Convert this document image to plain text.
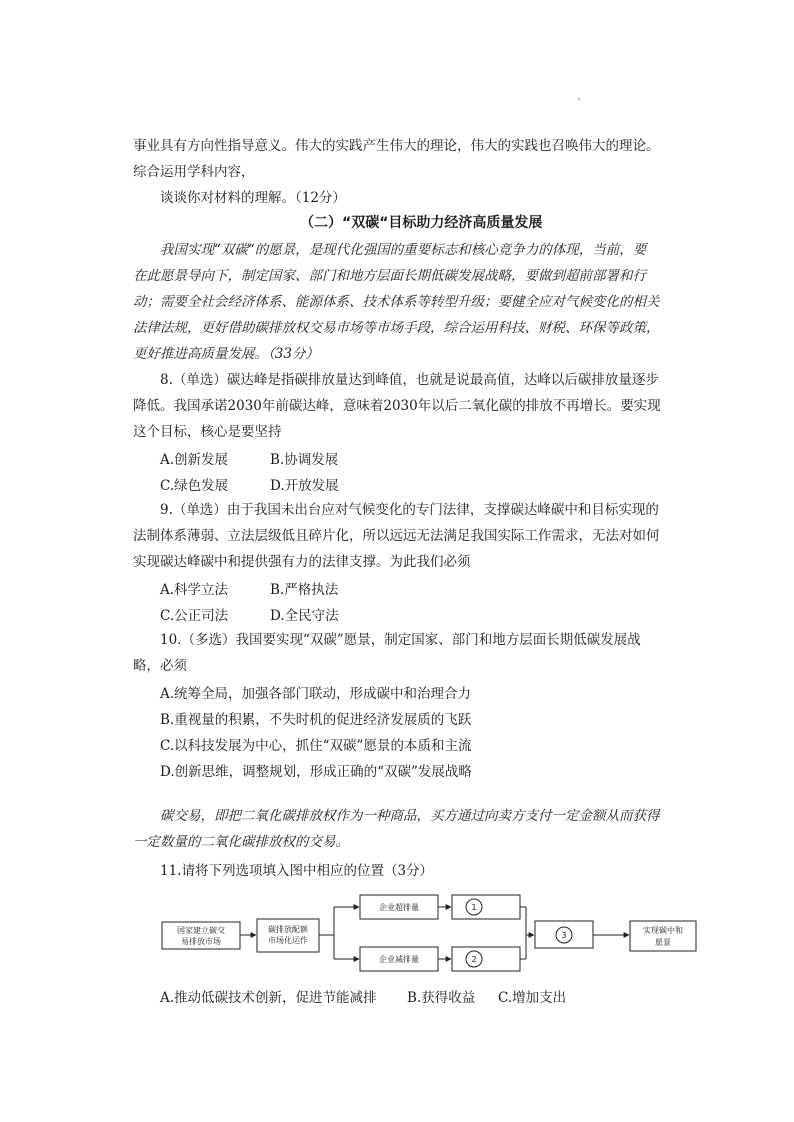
事业具有方向性指导意义。伟大的实践产生伟大的理论，伟大的实践也召唤伟大的理论。
综合运用学科内容，
谈谈你对材料的理解。（12分）
（二）“双碳“目标助力经济高质量发展
我国实现“双碳“的愿景，是现代化强国的重要标志和核心竞争力的体现，当前，要
在此愿景导向下，制定国家、部门和地方层面长期低碳发展战略，要做到超前部署和行
动；需要全社会经济体系、能源体系、技术体系等转型升级；要健全应对气候变化的相关
法律法规，更好借助碳排放权交易市场等市场手段，综合运用科技、财税、环保等政策，
更好推进高质量发展。（33分）
8.（单选）碳达峰是指碳排放量达到峰值，也就是说最高值，达峰以后碳排放量逐步
降低。我国承诺2030年前碳达峰，意味着2030年以后二氧化碳的排放不再增长。要实现
这个目标，核心是要坚持
A.创新发展	B.协调发展
C.绿色发展	D.开放发展
9.（单选）由于我国未出台应对气候变化的专门法律，支撑碳达峰碳中和目标实现的
法制体系薄弱、立法层级低且碎片化，所以远远无法满足我国实际工作需求，无法对如何
实现碳达峰碳中和提供强有力的法律支撑。为此我们必须
A.科学立法	B.严格执法
C.公正司法	D.全民守法
10.（多选）我国要实现“双碳”愿景，制定国家、部门和地方层面长期低碳发展战
略，必须
A.统筹全局，加强各部门联动，形成碳中和治理合力
B.重视量的积累，不失时机的促进经济发展质的飞跃
C.以科技发展为中心，抓住“双碳”愿景的本质和主流
D.创新思维，调整规划，形成正确的“双碳”发展战略
碳交易，即把二氧化碳排放权作为一种商品，买方通过向卖方支付一定金额从而获得
一定数量的二氧化碳排放权的交易。
11.请将下列选项填入图中相应的位置（3分）
国家建立碳交
易排放市场
碳排放配额
市场化运作
企业超排量
企业减排量
1
2
3
实现碳中和
愿景
A.推动低碳技术创新，促进节能减排 B.获得收益 C.增加支出
